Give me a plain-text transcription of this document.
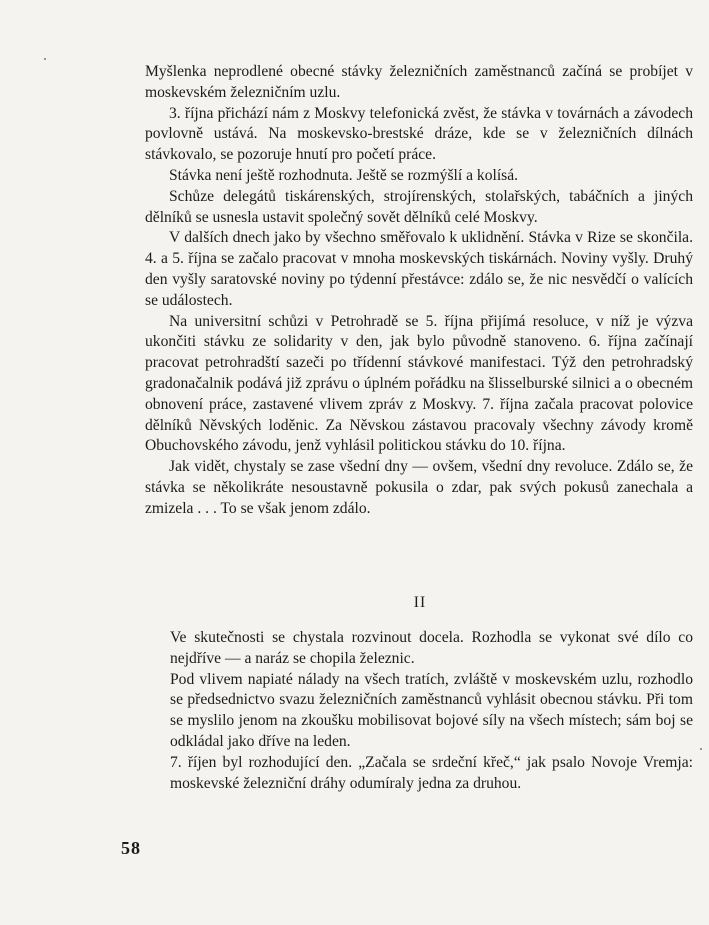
Myšlenka neprodlené obecné stávky železničních zaměstnanců začíná se probíjet v moskevském železničním uzlu.

3. října přichází nám z Moskvy telefonická zvěst, že stávka v továrnách a závodech povlovně ustává. Na moskevsko-brestské dráze, kde se v železničních dílnách stávkovalo, se pozoruje hnutí pro početí práce.

Stávka není ještě rozhodnuta. Ještě se rozmýšlí a kolísá.

Schůze delegátů tiskárenských, strojírenských, stolařských, tabáčních a jiných dělníků se usnesla ustavit společný sovět dělníků celé Moskvy.

V dalších dnech jako by všechno směřovalo k uklidnění. Stávka v Rize se skončila. 4. a 5. října se začalo pracovat v mnoha moskevských tiskárnách. Noviny vyšly. Druhý den vyšly saratovské noviny po týdenní přestávce: zdálo se, že nic nesvědčí o valících se událostech.

Na universitní schůzi v Petrohradě se 5. října přijímá resoluce, v níž je výzva ukončiti stávku ze solidarity v den, jak bylo původně stanoveno. 6. října začínají pracovat petrohradští sazeči po třídenní stávkové manifestaci. Týž den petrohradský gradonačalnik podává již zprávu o úplném pořádku na šlisselburské silnici a o obecném obnovení práce, zastavené vlivem zpráv z Moskvy. 7. října začala pracovat polovice dělníků Něvských loděnic. Za Něvskou zástavou pracovaly všechny závody kromě Obuchovského závodu, jenž vyhlásil politickou stávku do 10. října.

Jak vidět, chystaly se zase všední dny — ovšem, všední dny revoluce. Zdálo se, že stávka se několikráte nesoustavně pokusila o zdar, pak svých pokusů zanechala a zmizela . . . To se však jenom zdálo.

II

Ve skutečnosti se chystala rozvinout docela. Rozhodla se vykonat své dílo co nejdříve — a naráz se chopila železnic.

Pod vlivem napiaté nálady na všech tratích, zvláště v moskevském uzlu, rozhodlo se předsednictvo svazu železničních zaměstnanců vyhlásit obecnou stávku. Při tom se myslilo jenom na zkoušku mobilisovat bojové síly na všech místech; sám boj se odkládal jako dříve na leden.

7. říjen byl rozhodující den. „Začala se srdeční křeč,“ jak psalo Novoje Vremja: moskevské železniční dráhy odumíraly jedna za druhou.

58
